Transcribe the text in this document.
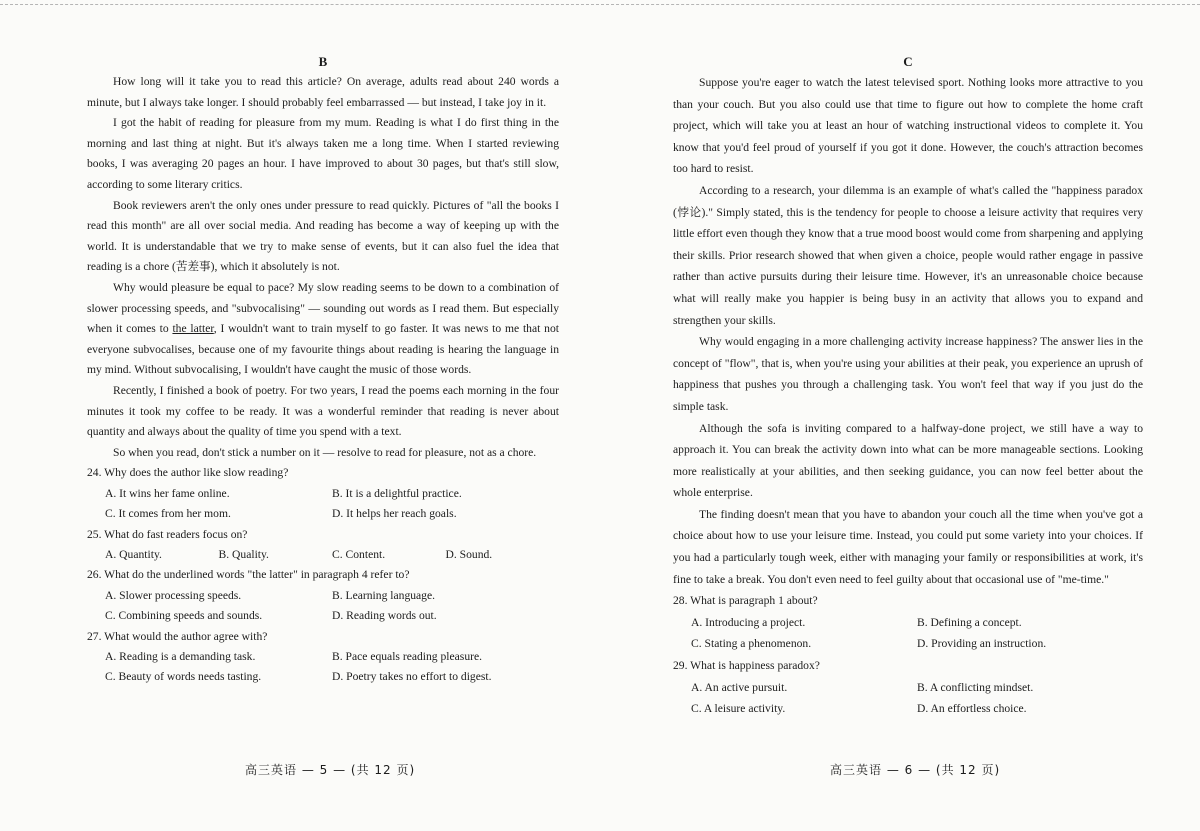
B

How long will it take you to read this article? On average, adults read about 240 words a minute, but I always take longer. I should probably feel embarrassed — but instead, I take joy in it.

I got the habit of reading for pleasure from my mum. Reading is what I do first thing in the morning and last thing at night. But it's always taken me a long time. When I started reviewing books, I was averaging 20 pages an hour. I have improved to about 30 pages, but that's still slow, according to some literary critics.

Book reviewers aren't the only ones under pressure to read quickly. Pictures of "all the books I read this month" are all over social media. And reading has become a way of keeping up with the world. It is understandable that we try to make sense of events, but it can also fuel the idea that reading is a chore (苦差事), which it absolutely is not.

Why would pleasure be equal to pace? My slow reading seems to be down to a combination of slower processing speeds, and "subvocalising" — sounding out words as I read them. But especially when it comes to the latter, I wouldn't want to train myself to go faster. It was news to me that not everyone subvocalises, because one of my favourite things about reading is hearing the language in my mind. Without subvocalising, I wouldn't have caught the music of those words.

Recently, I finished a book of poetry. For two years, I read the poems each morning in the four minutes it took my coffee to be ready. It was a wonderful reminder that reading is never about quantity and always about the quality of time you spend with a text.

So when you read, don't stick a number on it — resolve to read for pleasure, not as a chore.

24. Why does the author like slow reading?

A. It wins her fame online.	B. It is a delightful practice.
C. It comes from her mom.	D. It helps her reach goals.

25. What do fast readers focus on?

A. Quantity.	B. Quality.	C. Content.	D. Sound.

26. What do the underlined words "the latter" in paragraph 4 refer to?

A. Slower processing speeds.	B. Learning language.
C. Combining speeds and sounds.	D. Reading words out.

27. What would the author agree with?

A. Reading is a demanding task.	B. Pace equals reading pleasure.
C. Beauty of words needs tasting.	D. Poetry takes no effort to digest.

C

Suppose you're eager to watch the latest televised sport. Nothing looks more attractive to you than your couch. But you also could use that time to figure out how to complete the home craft project, which will take you at least an hour of watching instructional videos to complete it. You know that you'd feel proud of yourself if you got it done. However, the couch's attraction becomes too hard to resist.

According to a research, your dilemma is an example of what's called the "happiness paradox (悖论)." Simply stated, this is the tendency for people to choose a leisure activity that requires very little effort even though they know that a true mood boost would come from sharpening and applying their skills. Prior research showed that when given a choice, people would rather engage in passive rather than active pursuits during their leisure time. However, it's an unreasonable choice because what will really make you happier is being busy in an activity that allows you to expand and strengthen your skills.

Why would engaging in a more challenging activity increase happiness? The answer lies in the concept of "flow", that is, when you're using your abilities at their peak, you experience an uprush of happiness that pushes you through a challenging task. You won't feel that way if you just do the simple task.

Although the sofa is inviting compared to a halfway-done project, we still have a way to approach it. You can break the activity down into what can be more manageable sections. Looking more realistically at your abilities, and then seeking guidance, you can now feel better about the whole enterprise.

The finding doesn't mean that you have to abandon your couch all the time when you've got a choice about how to use your leisure time. Instead, you could put some variety into your choices. If you had a particularly tough week, either with managing your family or responsibilities at work, it's fine to take a break. You don't even need to feel guilty about that occasional use of "me-time."

28. What is paragraph 1 about?

A. Introducing a project.	B. Defining a concept.
C. Stating a phenomenon.	D. Providing an instruction.

29. What is happiness paradox?

A. An active pursuit.	B. A conflicting mindset.
C. A leisure activity.	D. An effortless choice.
高三英语 — 5 — (共 12 页)	高三英语 — 6 — (共 12 页)
